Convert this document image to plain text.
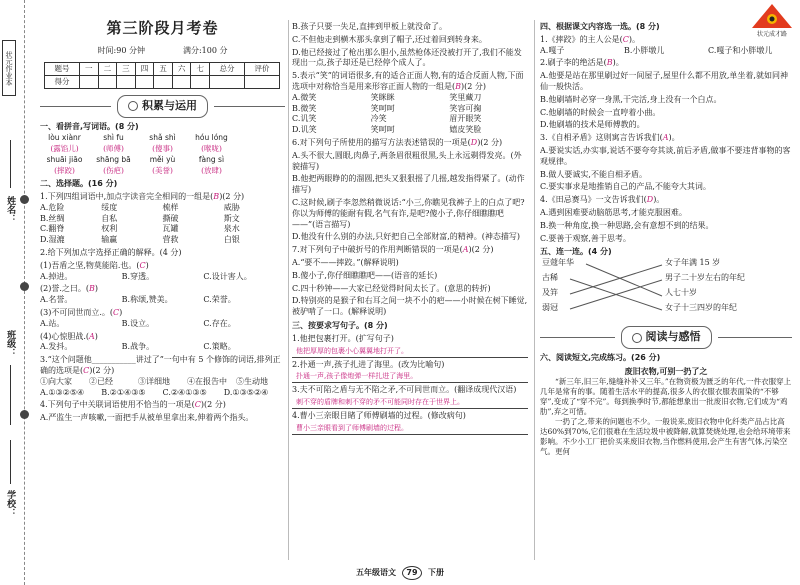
状元作业本
姓名：
班级：
学校：
第三阶段月考卷
时间:90 分钟	满分:100 分
题号	一	二	三	四	五	六	七	总分	评价
得分									
积累与运用
一、看拼音,写词语。(8 分)
lòu xiànr	shì fu	shǎ shì	hóu lóng
(露馅儿)	(师傅)	(傻事)	(喉咙)
shuāi jiāo	shāng bā	měi yù	fàng sì
(摔跤)	(伤疤)	(美誉)	(放肆)
二、选择题。(16 分)
1.下列四组词语中,加点字读音完全相同的一组是(B)(2 分)
A.危险	绥度	梳样	威胁
B.丝绸	自私	撕破	斯文
C.翻脊	权利	瓦罐	泉水
D.湿漉	输赢	营救	白银
2.给下列加点字选择正确的解释。(4 分)
(1)吾盾之坚,物莫能陷.也。(C)
A.掉进。	B.穿透。	C.设计害人。
(2)誉.之曰。(B)
A.名誉。	B.称颂,赞美。	C.荣誉。
(3)不可同世而立.。(C)
A.站。	B.设立。	C.存在。
(4)心惊胆战.(A)
A.发抖。	B.战争。	C.策略。
3.“这个问题他___________讲过了”一句中有 5 个修饰的词语,排列正确的选项是(C)(2 分)
①向大家	②已经	③详细地	④在报告中	⑤生动地
A.①③②⑤④	B.②①④③⑤	C.②④①③⑤	D.①③⑤②④
4.下列句子中关联词语使用不恰当的一项是(C)(2 分)
A.严监生一声咳嗽,一面把手从被单里拿出来,伸着两个指头。
B.孩子只要一失足,直摔到甲板上就没命了。
C.不但他走到横木那头拿到了帽子,还过着回到转身来。
D.他已经接过了枪出那么胆小,虽然枪体还没被打开了,我们不能发现出一点,孩子却还是已经停个成人了。
5.表示“笑”的词语很多,有的适合正面人物,有的适合反面人物,下面选项中对称恰当是用来形容正面人物的一组是(B)(2 分)
A.微笑	笑眯眯	笑里藏刀
B.微笑	笑呵呵	笑容可掬
C.讥笑	冷笑	眉开眼笑
D.讥笑	笑呵呵	嬉皮笑脸
6.对下列句子所使用的描写方法表述错误的一项是(D)(2 分)
A.头不很大,圆眼,肉鼻子,两条眉很粗很黑,头上永远剃得发亮。(外貌描写)
B.他把两眼睁的的溜圆,把头又狠狠摇了几摇,越发指得紧了。(动作描写)
C.这时候,刷子李忽然稍微说话:“小三,你瞧见我裤子上的白点了吧?你以为师傅的能耐有假,名气有诈,是吧?傻小子,你仔细瞧瞧吧——”(语言描写)
D.他没有什么别的办法,只好把自己全部财富,的精神。(神态描写)
7.对下列句子中破折号的作用判断错误的一项是(A)(2 分)
A.“要不——摔跤。”(解释说明)
B.傻小子,你仔细瞧瞧吧——(语音的延长)
C.四十秒钟——大家已经觉得时间太长了。(意思的转折)
D.特别亮的是猴子和右耳之间一块不小的疤——小时候在树下睡觉,被驴啃了一口。(解释说明)
三、按要求写句子。(8 分)
1.他把包裹打开。(扩写句子)
他把厚厚的包裹小心翼翼地打开了。
2.扑通一声,孩子扎进了海里。(改为比喻句)
扑通一声,孩子像炮弹一样扎进了海里。
3.夫不可陷之盾与无不陷之矛,不可同世而立。(翻译成现代汉语)
刺不穿的盾牌和刺不穿的矛不可能同时存在于世界上。
4.曹小三亲眼目睹了师傅刷墙的过程。(修改病句)
曹小三亲眼看到了师傅刷墙的过程。
四、根据课文内容选一选。(8 分)
1.《摔跤》的主人公是(C)。
A.嘎子	B.小胖墩儿	C.嘎子和小胖墩儿
2.刷子李的绝活是(B)。
A.他要是站在那里刷过好一间屋子,屋里什么都不用放,单坐着,就如同神仙一般快活。
B.他刷墙时必穿一身黑,干完活,身上没有一个白点。
C.他刷墙的时候会一直哼着小曲。
D.他刷墙的技术是师傅教的。
3.《自相矛盾》这则寓言告诉我们(A)。
A.要说实话,办实事,说话不要夸夸其谈,前后矛盾,做事不要违背事物的客观规律。
B.做人要诚实,不能自相矛盾。
C.要实事求是地推销自己的产品,不能夸大其词。
4.《田忌赛马》一文告诉我们(D)。
A.遇到困难要动脑筋思考,才能克服困难。
B.换一种角度,换一种思路,会有意想不到的结果。
C.要善于观察,善于思考。
五、连一连。(4 分)
豆蔻年华
古稀
及笄
弱冠
女子年满 15 岁
男子二十岁左右的年纪
人七十岁
女子十三四岁的年纪
阅读与感悟
六、阅读短文,完成练习。(26 分)
废旧衣物,可别一扔了之
“新三年,旧三年,缝缝补补又三年。”在物资极为匮乏的年代,一件衣服穿上几年是常有的事。随着生活水平的提高,很多人的衣服衣服表面染的“不够穿”,变成了“穿不完”。每到换季时节,都能想象出一批废旧衣物,它们成为“鸡肋”,弃之可惜。
一扔了之,带来的问题也不少。一般说来,废旧衣物中化纤类产品占比高达60%到70%,它们很难在生活垃圾中被降解,就算焚烧处理,也会给环境带来影响。不少小工厂把价买来废旧衣物,当作燃料使用,会产生有害气体,污染空气。更何
状元成才路
五年级语文	79	下册
